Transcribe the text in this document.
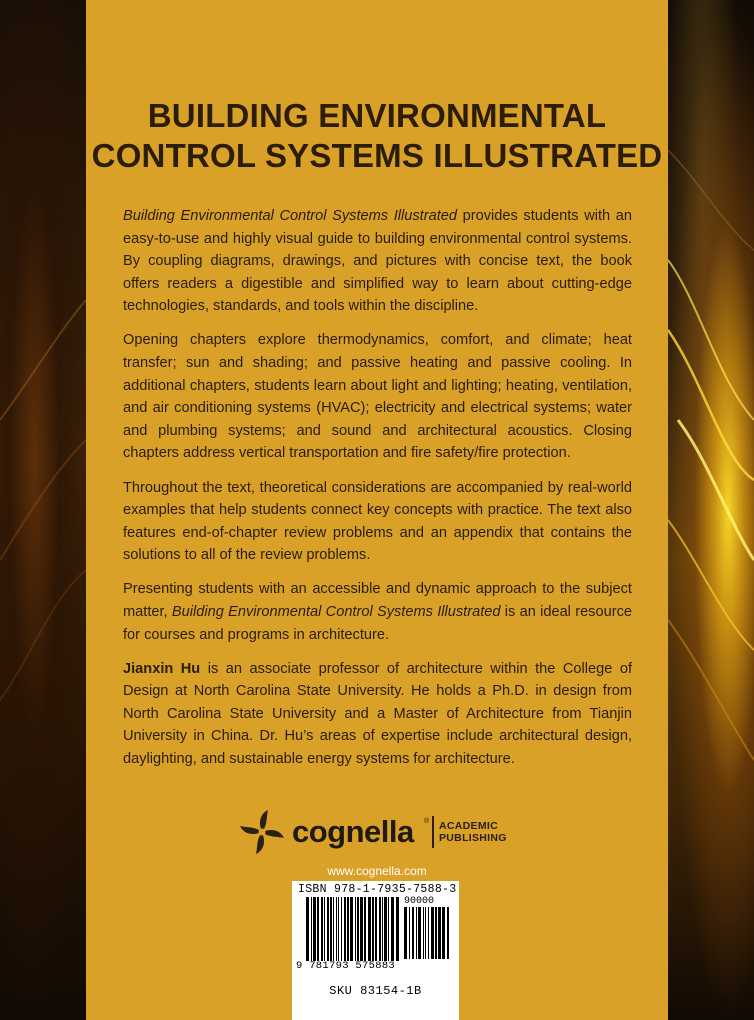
BUILDING ENVIRONMENTAL
CONTROL SYSTEMS ILLUSTRATED

Building Environmental Control Systems Illustrated provides students with an easy-to-use and highly visual guide to building environmental control systems. By coupling diagrams, drawings, and pictures with concise text, the book offers readers a digestible and simplified way to learn about cutting-edge technologies, standards, and tools within the discipline.

Opening chapters explore thermodynamics, comfort, and climate; heat transfer; sun and shading; and passive heating and passive cooling. In additional chapters, students learn about light and lighting; heating, ventilation, and air conditioning systems (HVAC); electricity and electrical systems; water and plumbing systems; and sound and architectural acoustics. Closing chapters address vertical transportation and fire safety/fire protection.

Throughout the text, theoretical considerations are accompanied by real-world examples that help students connect key concepts with practice. The text also features end-of-chapter review problems and an appendix that contains the solutions to all of the review problems.

Presenting students with an accessible and dynamic approach to the subject matter, Building Environmental Control Systems Illustrated is an ideal resource for courses and programs in architecture.

Jianxin Hu is an associate professor of architecture within the College of Design at North Carolina State University. He holds a Ph.D. in design from North Carolina State University and a Master of Architecture from Tianjin University in China. Dr. Hu’s areas of expertise include architectural design, daylighting, and sustainable energy systems for architecture.

cognella ® ACADEMIC
PUBLISHING
www.cognella.com
ISBN 978-1-7935-7588-3
90000
9 781793 575883
SKU 83154-1B
